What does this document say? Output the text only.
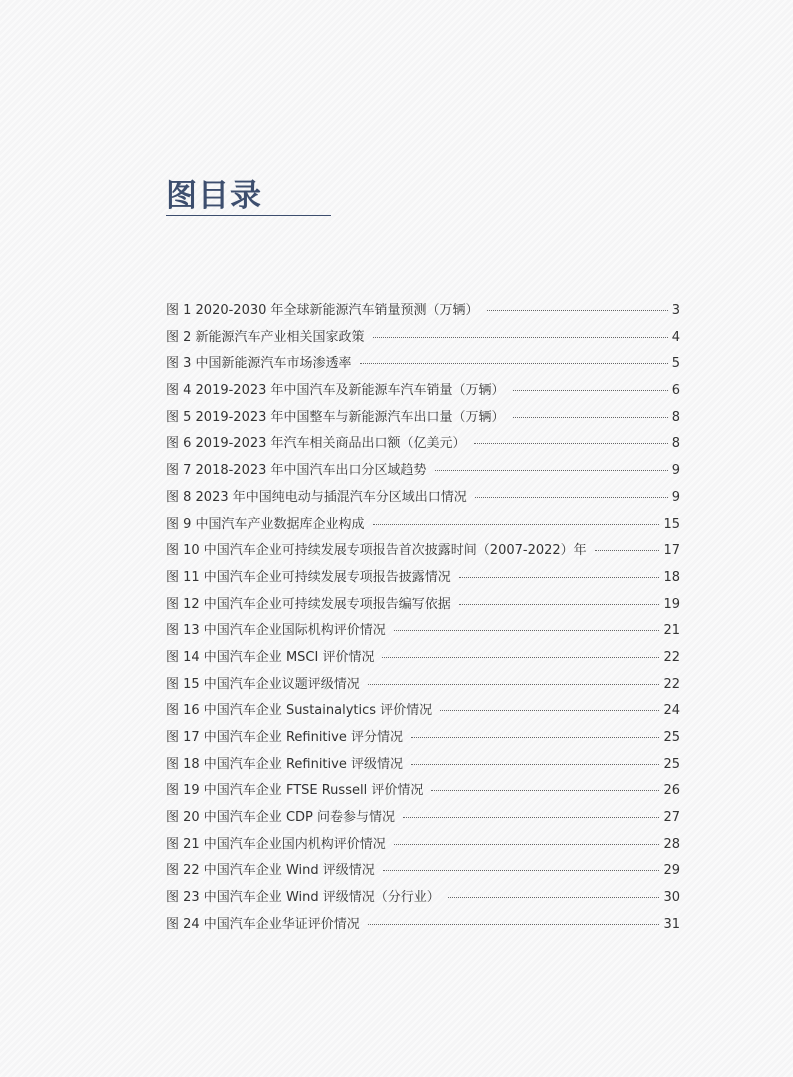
图目录
图 1 2020-2030 年全球新能源汽车销量预测（万辆）	3
图 2 新能源汽车产业相关国家政策	4
图 3 中国新能源汽车市场渗透率	5
图 4 2019-2023 年中国汽车及新能源车汽车销量（万辆）	6
图 5 2019-2023 年中国整车与新能源汽车出口量（万辆）	8
图 6 2019-2023 年汽车相关商品出口额（亿美元）	8
图 7 2018-2023 年中国汽车出口分区域趋势	9
图 8 2023 年中国纯电动与插混汽车分区域出口情况	9
图 9 中国汽车产业数据库企业构成	15
图 10 中国汽车企业可持续发展专项报告首次披露时间（2007-2022）年	17
图 11 中国汽车企业可持续发展专项报告披露情况	18
图 12 中国汽车企业可持续发展专项报告编写依据	19
图 13 中国汽车企业国际机构评价情况	21
图 14 中国汽车企业 MSCI 评价情况	22
图 15 中国汽车企业议题评级情况	22
图 16 中国汽车企业 Sustainalytics 评价情况	24
图 17 中国汽车企业 Refinitive 评分情况	25
图 18 中国汽车企业 Refinitive 评级情况	25
图 19 中国汽车企业 FTSE Russell 评价情况	26
图 20 中国汽车企业 CDP 问卷参与情况	27
图 21 中国汽车企业国内机构评价情况	28
图 22 中国汽车企业 Wind 评级情况	29
图 23 中国汽车企业 Wind 评级情况（分行业）	30
图 24 中国汽车企业华证评价情况	31
